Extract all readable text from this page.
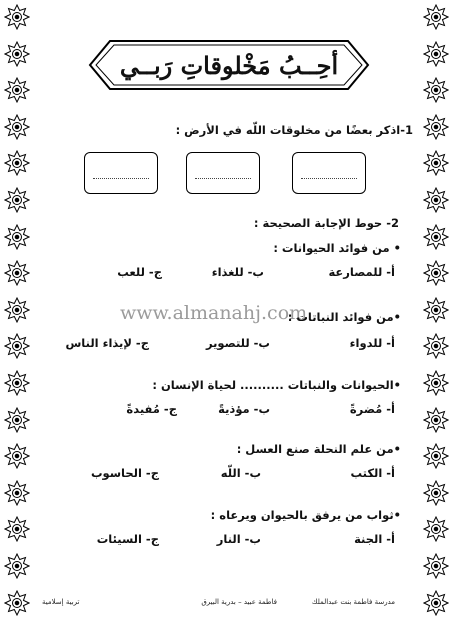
أحِــبُ مَخْلوقاتِ رَبــي
1-اذكر بعضًا من مخلوقات اللّه في الأرض :
2- حوط الإجابة الصحيحة :
• من فوائد الحيوانات :
أ- للمصارعة
ب- للغذاء
ج- للعب
www.almanahj.com
•من فوائد النباتات :
أ- للدواء
ب- للتصوير
ج- لإيذاء الناس
•الحيوانات والنباتات .......... لحياة الإنسان :
أ- مُضرةً
ب- مؤذيةً
ج- مُفيدةً
•من علم النحلة صنع العسل :
أ- الكتب
ب- اللّه
ج- الحاسوب
•ثواب من يرفق بالحيوان ويرعاه :
أ- الجنة
ب- النار
ج- السيئات
مدرسة فاطمة بنت عبدالملك
فاطمة عبيد – بدرية البيرق
تربية إسلامية
